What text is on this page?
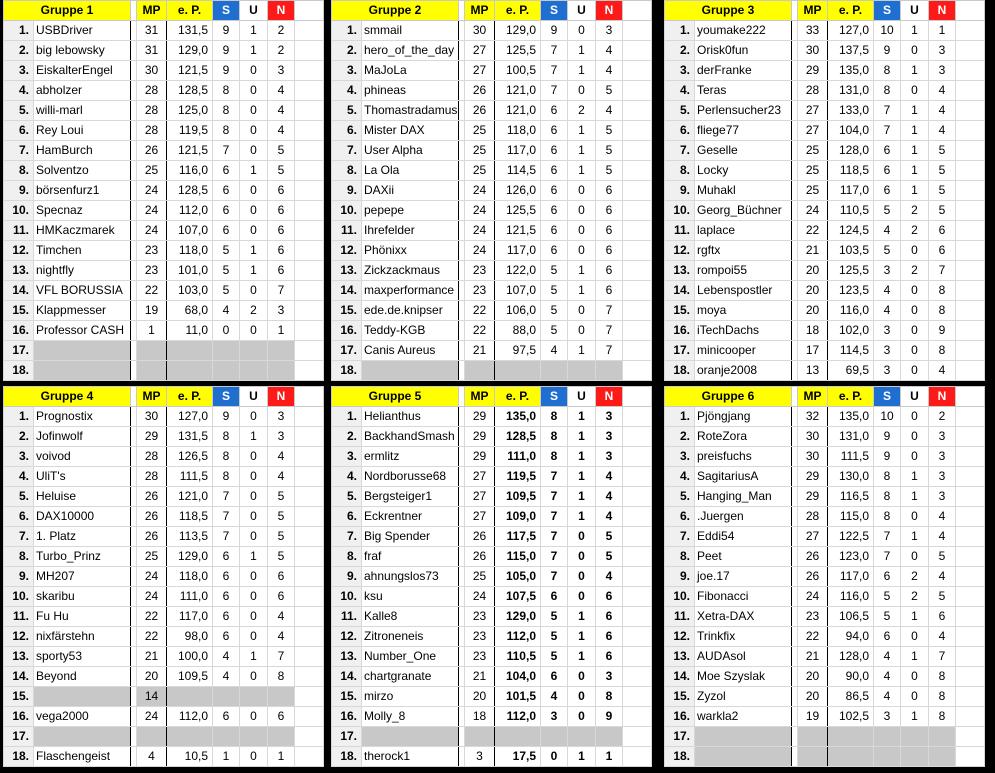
Gruppe 1			MP	e. P.	S	U	N	
1.	USBDriver		31	131,5	9	1	2	
2.	big lebowsky		31	129,0	9	1	2	
3.	EiskalterEngel		30	121,5	9	0	3	
4.	abholzer		28	128,5	8	0	4	
5.	willi-marl		28	125,0	8	0	4	
6.	Rey Loui		28	119,5	8	0	4	
7.	HamBurch		26	121,5	7	0	5	
8.	Solventzo		25	116,0	6	1	5	
9.	börsenfurz1		24	128,5	6	0	6	
10.	Specnaz		24	112,0	6	0	6	
11.	HMKaczmarek		24	107,0	6	0	6	
12.	Timchen		23	118,0	5	1	6	
13.	nightfly		23	101,0	5	1	6	
14.	VFL BORUSSIA		22	103,0	5	0	7	
15.	Klappmesser		19	68,0	4	2	3	
16.	Professor CASH		1	11,0	0	0	1	
17.								
18.								
Gruppe 2			MP	e. P.	S	U	N	
1.	smmail		30	129,0	9	0	3	
2.	hero_of_the_day		27	125,5	7	1	4	
3.	MaJoLa		27	100,5	7	1	4	
4.	phineas		26	121,0	7	0	5	
5.	Thomastradamus		26	121,0	6	2	4	
6.	Mister DAX		25	118,0	6	1	5	
7.	User Alpha		25	117,0	6	1	5	
8.	La Ola		25	114,5	6	1	5	
9.	DAXii		24	126,0	6	0	6	
10.	pepepe		24	125,5	6	0	6	
11.	Ihrefelder		24	121,5	6	0	6	
12.	Phönixx		24	117,0	6	0	6	
13.	Zickzackmaus		23	122,0	5	1	6	
14.	maxperformance		23	107,0	5	1	6	
15.	ede.de.knipser		22	106,0	5	0	7	
16.	Teddy-KGB		22	88,0	5	0	7	
17.	Canis Aureus		21	97,5	4	1	7	
18.								
Gruppe 3			MP	e. P.	S	U	N	
1.	youmake222		33	127,0	10	1	1	
2.	Orisk0fun		30	137,5	9	0	3	
3.	derFranke		29	135,0	8	1	3	
4.	Teras		28	131,0	8	0	4	
5.	Perlensucher23		27	133,0	7	1	4	
6.	fliege77		27	104,0	7	1	4	
7.	Geselle		25	128,0	6	1	5	
8.	Locky		25	118,5	6	1	5	
9.	Muhakl		25	117,0	6	1	5	
10.	Georg_Büchner		24	110,5	5	2	5	
11.	laplace		22	124,5	4	2	6	
12.	rgftx		21	103,5	5	0	6	
13.	rompoi55		20	125,5	3	2	7	
14.	Lebenspostler		20	123,5	4	0	8	
15.	moya		20	116,0	4	0	8	
16.	iTechDachs		18	102,0	3	0	9	
17.	minicooper		17	114,5	3	0	8	
18.	oranje2008		13	69,5	3	0	4	
Gruppe 4			MP	e. P.	S	U	N	
1.	Prognostix		30	127,0	9	0	3	
2.	Jofinwolf		29	131,5	8	1	3	
3.	voivod		28	126,5	8	0	4	
4.	UliT's		28	111,5	8	0	4	
5.	Heluise		26	121,0	7	0	5	
6.	DAX10000		26	118,5	7	0	5	
7.	1. Platz		26	113,5	7	0	5	
8.	Turbo_Prinz		25	129,0	6	1	5	
9.	MH207		24	118,0	6	0	6	
10.	skaribu		24	111,0	6	0	6	
11.	Fu Hu		22	117,0	6	0	4	
12.	nixfärstehn		22	98,0	6	0	4	
13.	sporty53		21	100,0	4	1	7	
14.	Beyond		20	109,5	4	0	8	
15.			14					
16.	vega2000		24	112,0	6	0	6	
17.								
18.	Flaschengeist		4	10,5	1	0	1	
Gruppe 5			MP	e. P.	S	U	N	
1.	Helianthus		29	135,0	8	1	3	
2.	BackhandSmash		29	128,5	8	1	3	
3.	ermlitz		29	111,0	8	1	3	
4.	Nordborusse68		27	119,5	7	1	4	
5.	Bergsteiger1		27	109,5	7	1	4	
6.	Eckrentner		27	109,0	7	1	4	
7.	Big Spender		26	117,5	7	0	5	
8.	fraf		26	115,0	7	0	5	
9.	ahnungslos73		25	105,0	7	0	4	
10.	ksu		24	107,5	6	0	6	
11.	Kalle8		23	129,0	5	1	6	
12.	Zitroneneis		23	112,0	5	1	6	
13.	Number_One		23	110,5	5	1	6	
14.	chartgranate		21	104,0	6	0	3	
15.	mirzo		20	101,5	4	0	8	
16.	Molly_8		18	112,0	3	0	9	
17.								
18.	therock1		3	17,5	0	1	1	
Gruppe 6			MP	e. P.	S	U	N	
1.	Pjöngjang		32	135,0	10	0	2	
2.	RoteZora		30	131,0	9	0	3	
3.	preisfuchs		30	111,5	9	0	3	
4.	SagitariusA		29	130,0	8	1	3	
5.	Hanging_Man		29	116,5	8	1	3	
6.	.Juergen		28	115,0	8	0	4	
7.	Eddi54		27	122,5	7	1	4	
8.	Peet		26	123,0	7	0	5	
9.	joe.17		26	117,0	6	2	4	
10.	Fibonacci		24	116,0	5	2	5	
11.	Xetra-DAX		23	106,5	5	1	6	
12.	Trinkfix		22	94,0	6	0	4	
13.	AUDAsol		21	128,0	4	1	7	
14.	Moe Szyslak		20	90,0	4	0	8	
15.	Zyzol		20	86,5	4	0	8	
16.	warkla2		19	102,5	3	1	8	
17.								
18.								
